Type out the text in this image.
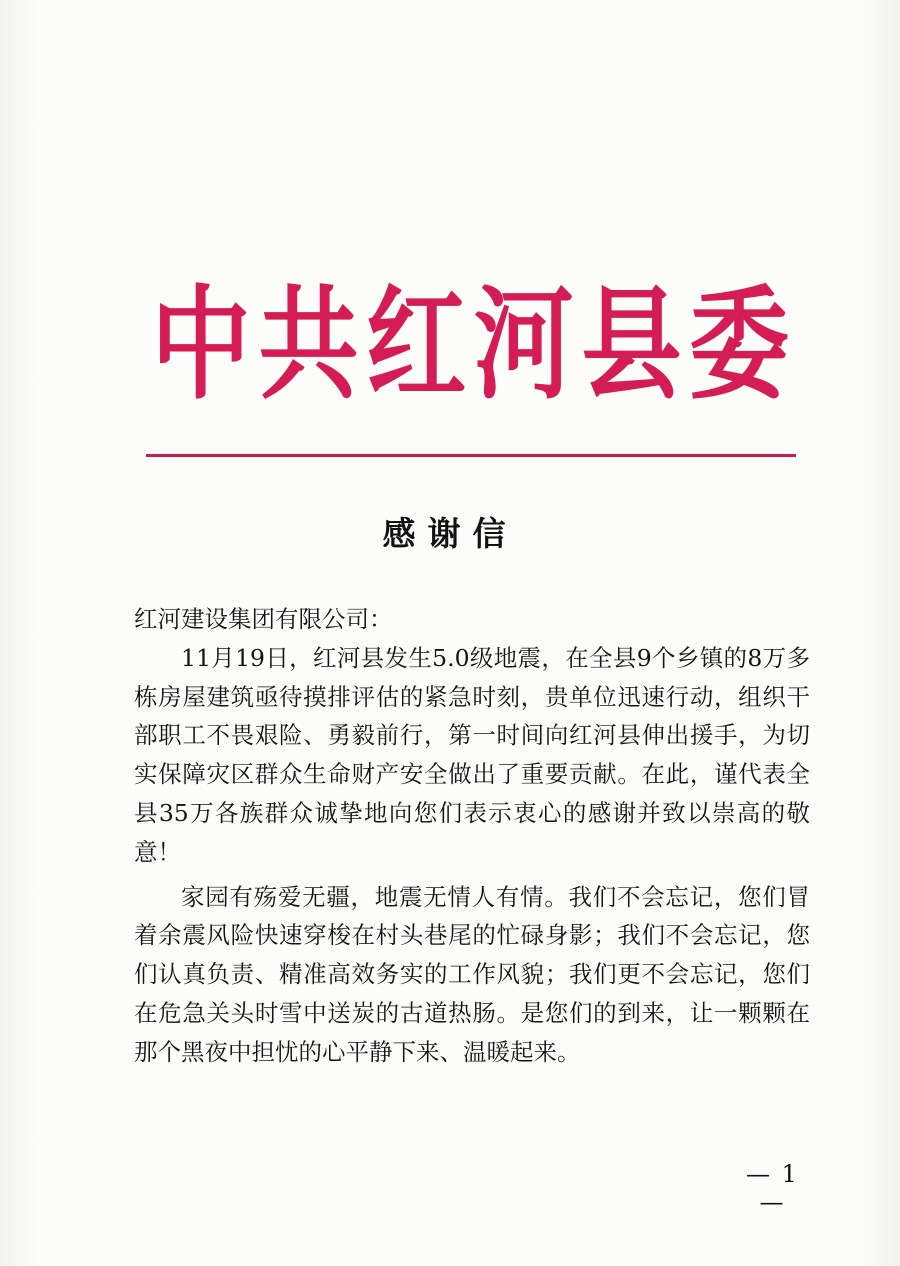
中 共 红 河 县 委
感谢信

红河建设集团有限公司：

11月19日，红河县发生5.0级地震，在全县9个乡镇的8万多栋房屋建筑亟待摸排评估的紧急时刻，贵单位迅速行动，组织干部职工不畏艰险、勇毅前行，第一时间向红河县伸出援手，为切实保障灾区群众生命财产安全做出了重要贡献。在此，谨代表全县35万各族群众诚挚地向您们表示衷心的感谢并致以崇高的敬意！

家园有殇爱无疆，地震无情人有情。我们不会忘记，您们冒着余震风险快速穿梭在村头巷尾的忙碌身影；我们不会忘记，您们认真负责、精准高效务实的工作风貌；我们更不会忘记，您们在危急关头时雪中送炭的古道热肠。是您们的到来，让一颗颗在那个黑夜中担忧的心平静下来、温暖起来。

— 1 —
